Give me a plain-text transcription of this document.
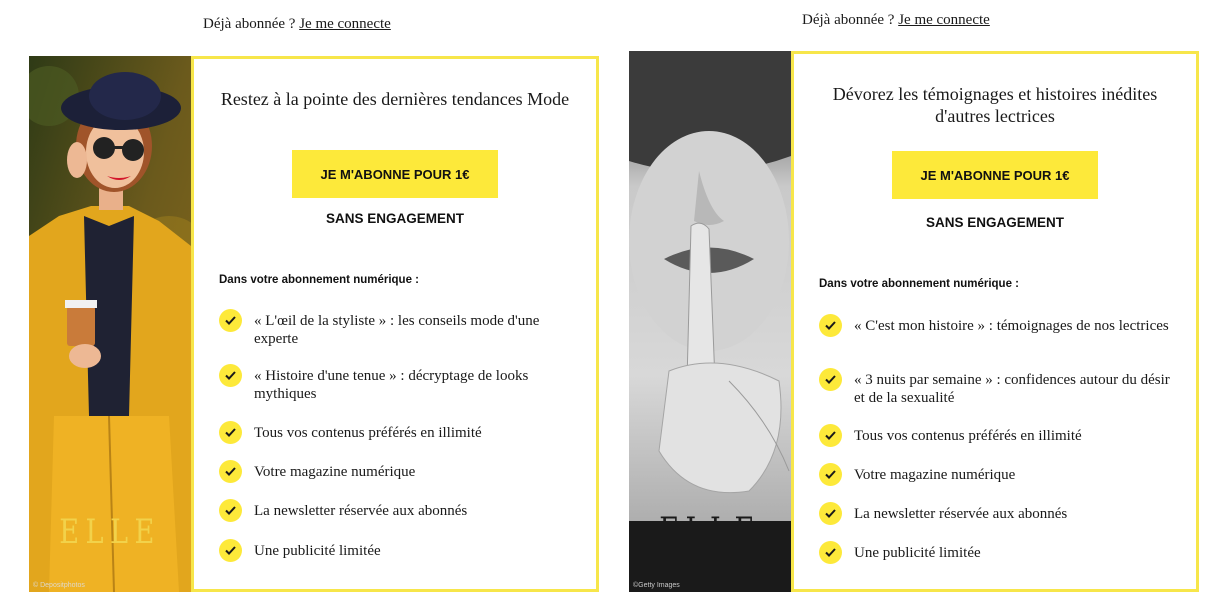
Déjà abonnée ? Je me connecte
ELLE
© Depositphotos
Restez à la pointe des dernières tendances Mode
JE M'ABONNE POUR 1€
SANS ENGAGEMENT
Dans votre abonnement numérique :
« L'œil de la styliste » : les conseils mode d'une experte
« Histoire d'une tenue » : décryptage de looks mythiques
Tous vos contenus préférés en illimité
Votre magazine numérique
La newsletter réservée aux abonnés
Une publicité limitée
Déjà abonnée ? Je me connecte
ELLE
©Getty Images
Dévorez les témoignages et histoires inédites d'autres lectrices
JE M'ABONNE POUR 1€
SANS ENGAGEMENT
Dans votre abonnement numérique :
« C'est mon histoire » : témoignages de nos lectrices
« 3 nuits par semaine » : confidences autour du désir et de la sexualité
Tous vos contenus préférés en illimité
Votre magazine numérique
La newsletter réservée aux abonnés
Une publicité limitée
